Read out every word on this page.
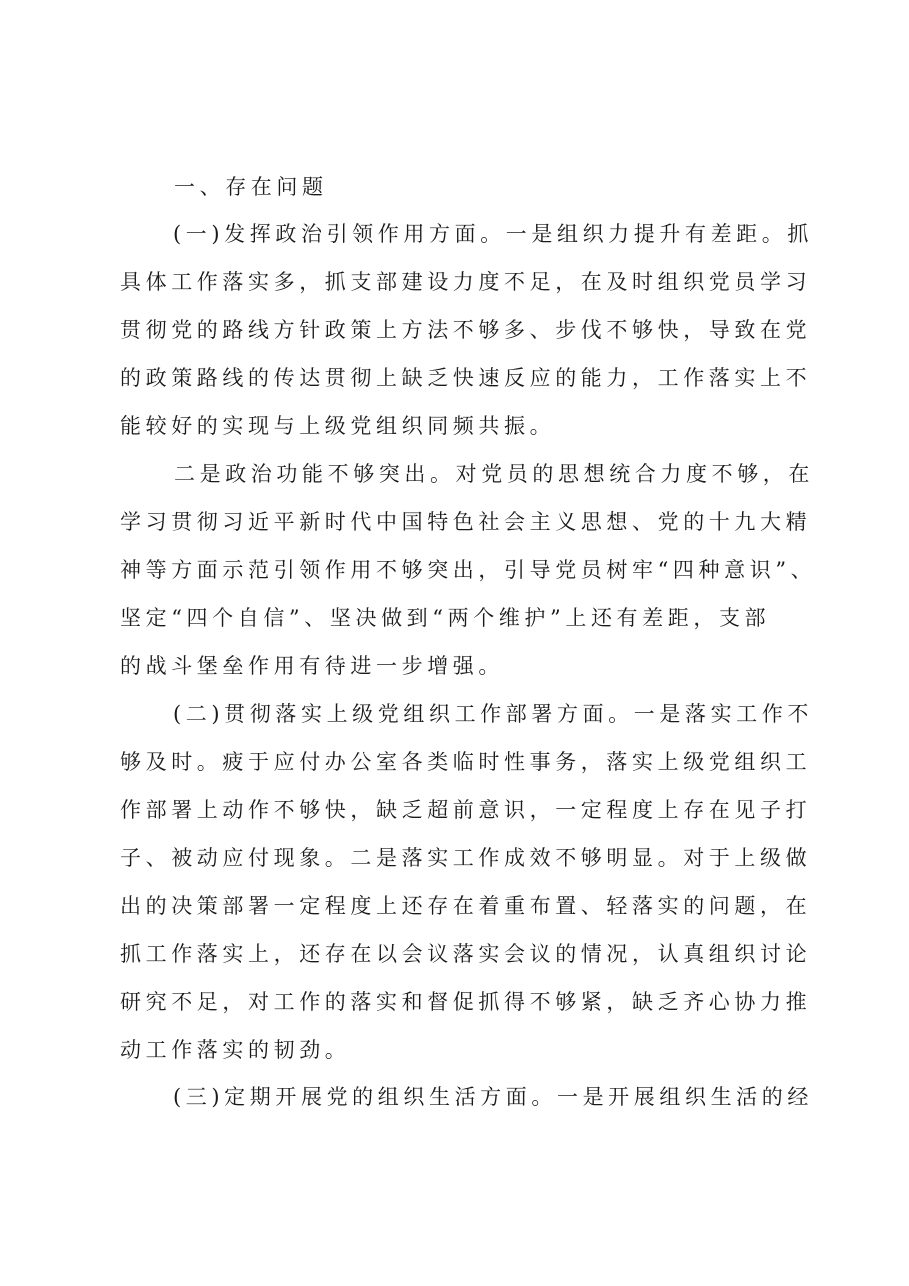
一、存在问题
(一)发挥政治引领作用方面。一是组织力提升有差距。抓
具体工作落实多，抓支部建设力度不足，在及时组织党员学习
贯彻党的路线方针政策上方法不够多、步伐不够快，导致在党
的政策路线的传达贯彻上缺乏快速反应的能力，工作落实上不
能较好的实现与上级党组织同频共振。
二是政治功能不够突出。对党员的思想统合力度不够，在
学习贯彻习近平新时代中国特色社会主义思想、党的十九大精
神等方面示范引领作用不够突出，引导党员树牢“四种意识”、
坚定“四个自信”、坚决做到“两个维护”上还有差距，支部
的战斗堡垒作用有待进一步增强。
(二)贯彻落实上级党组织工作部署方面。一是落实工作不
够及时。疲于应付办公室各类临时性事务，落实上级党组织工
作部署上动作不够快，缺乏超前意识，一定程度上存在见子打
子、被动应付现象。二是落实工作成效不够明显。对于上级做
出的决策部署一定程度上还存在着重布置、轻落实的问题，在
抓工作落实上，还存在以会议落实会议的情况，认真组织讨论
研究不足，对工作的落实和督促抓得不够紧，缺乏齐心协力推
动工作落实的韧劲。
(三)定期开展党的组织生活方面。一是开展组织生活的经
